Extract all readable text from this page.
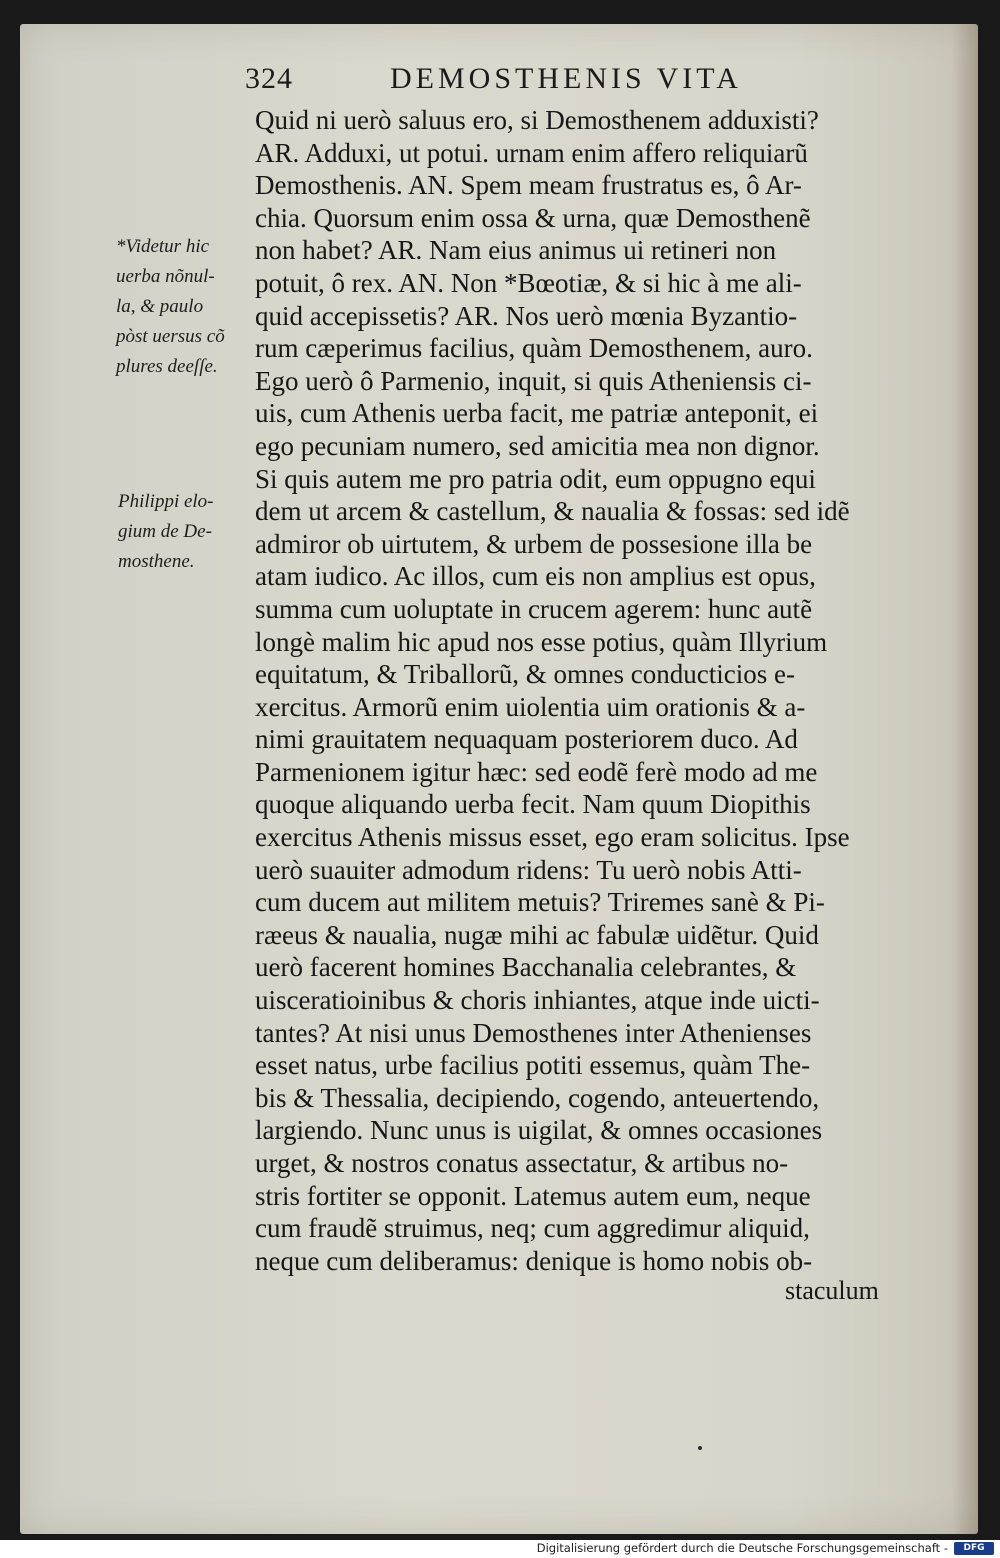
324	DEMOSTHENIS VITA
Quid ni uerò saluus ero, si Demosthenem adduxisti?
AR. Adduxi, ut potui. urnam enim affero reliquiarũ
Demosthenis. AN. Spem meam frustratus es, ô Ar-
chia. Quorsum enim ossa & urna, quæ Demosthenẽ
non habet? AR. Nam eius animus ui retineri non
potuit, ô rex. AN. Non *Bœotiæ, & si hic à me ali-
quid accepissetis? AR. Nos uerò mœnia Byzantio-
rum cæperimus facilius, quàm Demosthenem, auro.
Ego uerò ô Parmenio, inquit, si quis Atheniensis ci-
uis, cum Athenis uerba facit, me patriæ anteponit, ei
ego pecuniam numero, sed amicitia mea non dignor.
Si quis autem me pro patria odit, eum oppugno equi
dem ut arcem & castellum, & naualia & fossas: sed idẽ
admiror ob uirtutem, & urbem de possesione illa be
atam iudico. Ac illos, cum eis non amplius est opus,
summa cum uoluptate in crucem agerem: hunc autẽ
longè malim hic apud nos esse potius, quàm Illyrium
equitatum, & Triballorũ, & omnes conducticios e-
xercitus. Armorũ enim uiolentia uim orationis & a-
nimi grauitatem nequaquam posteriorem duco. Ad
Parmenionem igitur hæc: sed eodẽ ferè modo ad me
quoque aliquando uerba fecit. Nam quum Diopithis
exercitus Athenis missus esset, ego eram solicitus. Ipse
uerò suauiter admodum ridens: Tu uerò nobis Atti-
cum ducem aut militem metuis? Triremes sanè & Pi-
ræeus & naualia, nugæ mihi ac fabulæ uidẽtur. Quid
uerò facerent homines Bacchanalia celebrantes, &
uisceratioinibus & choris inhiantes, atque inde uicti-
tantes? At nisi unus Demosthenes inter Athenienses
esset natus, urbe facilius potiti essemus, quàm The-
bis & Thessalia, decipiendo, cogendo, anteuertendo,
largiendo. Nunc unus is uigilat, & omnes occasiones
urget, & nostros conatus assectatur, & artibus no-
stris fortiter se opponit. Latemus autem eum, neque
cum fraudẽ struimus, neq; cum aggredimur aliquid,
neque cum deliberamus: denique is homo nobis ob-
staculum
*Videtur hic
uerba nõnul-
la, & paulo
pòst uersus cõ
plures deeſſe.
Philippi elo-
gium de De-
mosthene.
Digitalisierung gefördert durch die Deutsche Forschungsgemeinschaft -	DFG
